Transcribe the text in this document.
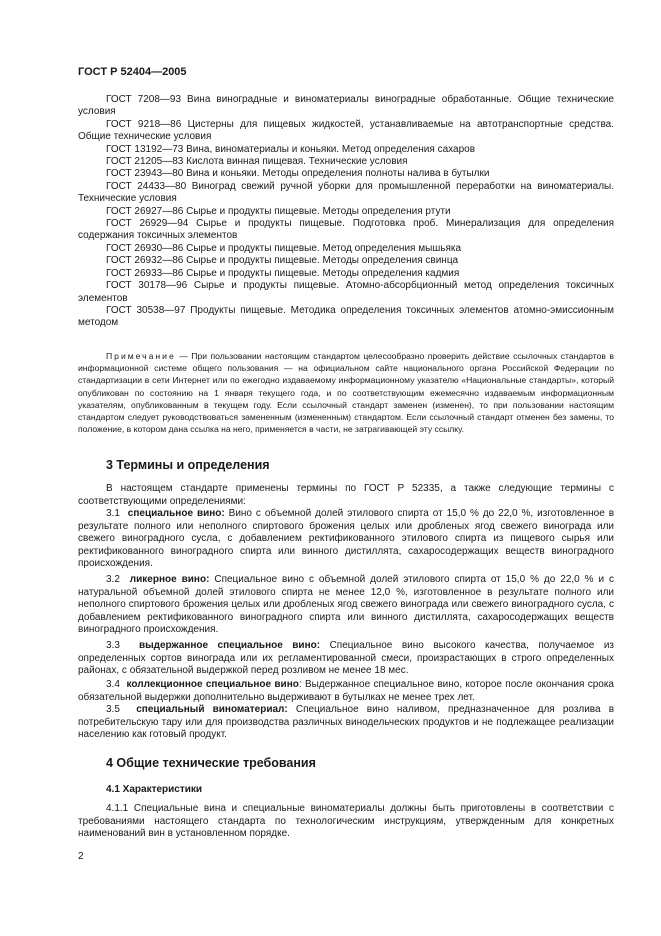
ГОСТ Р 52404—2005
ГОСТ 7208—93 Вина виноградные и виноматериалы виноградные обработанные. Общие технические условия
ГОСТ 9218—86 Цистерны для пищевых жидкостей, устанавливаемые на автотранспортные средства. Общие технические условия
ГОСТ 13192—73 Вина, виноматериалы и коньяки. Метод определения сахаров
ГОСТ 21205—83 Кислота винная пищевая. Технические условия
ГОСТ 23943—80 Вина и коньяки. Методы определения полноты налива в бутылки
ГОСТ 24433—80 Виноград свежий ручной уборки для промышленной переработки на виноматериалы. Технические условия
ГОСТ 26927—86 Сырье и продукты пищевые. Методы определения ртути
ГОСТ 26929—94 Сырье и продукты пищевые. Подготовка проб. Минерализация для определения содержания токсичных элементов
ГОСТ 26930—86 Сырье и продукты пищевые. Метод определения мышьяка
ГОСТ 26932—86 Сырье и продукты пищевые. Методы определения свинца
ГОСТ 26933—86 Сырье и продукты пищевые. Методы определения кадмия
ГОСТ 30178—96 Сырье и продукты пищевые. Атомно-абсорбционный метод определения токсичных элементов
ГОСТ 30538—97 Продукты пищевые. Методика определения токсичных элементов атомно-эмиссионным методом
Примечание — При пользовании настоящим стандартом целесообразно проверить действие ссылочных стандартов в информационной системе общего пользования — на официальном сайте национального органа Российской Федерации по стандартизации в сети Интернет или по ежегодно издаваемому информационному указателю «Национальные стандарты», который опубликован по состоянию на 1 января текущего года, и по соответствующим ежемесячно издаваемым информационным указателям, опубликованным в текущем году. Если ссылочный стандарт заменен (изменен), то при пользовании настоящим стандартом следует руководствоваться замененным (измененным) стандартом. Если ссылочный стандарт отменен без замены, то положение, в котором дана ссылка на него, применяется в части, не затрагивающей эту ссылку.
3 Термины и определения
В настоящем стандарте применены термины по ГОСТ Р 52335, а также следующие термины с соответствующими определениями:
3.1 специальное вино: Вино с объемной долей этилового спирта от 15,0 % до 22,0 %, изготовленное в результате полного или неполного спиртового брожения целых или дробленых ягод свежего винограда или свежего виноградного сусла, с добавлением ректификованного этилового спирта из пищевого сырья или ректификованного виноградного спирта или винного дистиллята, сахаросодержащих веществ виноградного происхождения.
3.2 ликерное вино: Специальное вино с объемной долей этилового спирта от 15,0 % до 22,0 % и с натуральной объемной долей этилового спирта не менее 12,0 %, изготовленное в результате полного или неполного спиртового брожения целых или дробленых ягод свежего винограда или свежего виноградного сусла, с добавлением ректификованного виноградного спирта или винного дистиллята, сахаросодержащих веществ виноградного происхождения.
3.3 выдержанное специальное вино: Специальное вино высокого качества, получаемое из определенных сортов винограда или их регламентированной смеси, произрастающих в строго определенных районах, с обязательной выдержкой перед розливом не менее 18 мес.
3.4 коллекционное специальное вино: Выдержанное специальное вино, которое после окончания срока обязательной выдержки дополнительно выдерживают в бутылках не менее трех лет.
3.5 специальный виноматериал: Специальное вино наливом, предназначенное для розлива в потребительскую тару или для производства различных винодельческих продуктов и не подлежащее реализации населению как готовый продукт.
4 Общие технические требования
4.1 Характеристики
4.1.1 Специальные вина и специальные виноматериалы должны быть приготовлены в соответствии с требованиями настоящего стандарта по технологическим инструкциям, утвержденным для конкретных наименований вин в установленном порядке.
2
